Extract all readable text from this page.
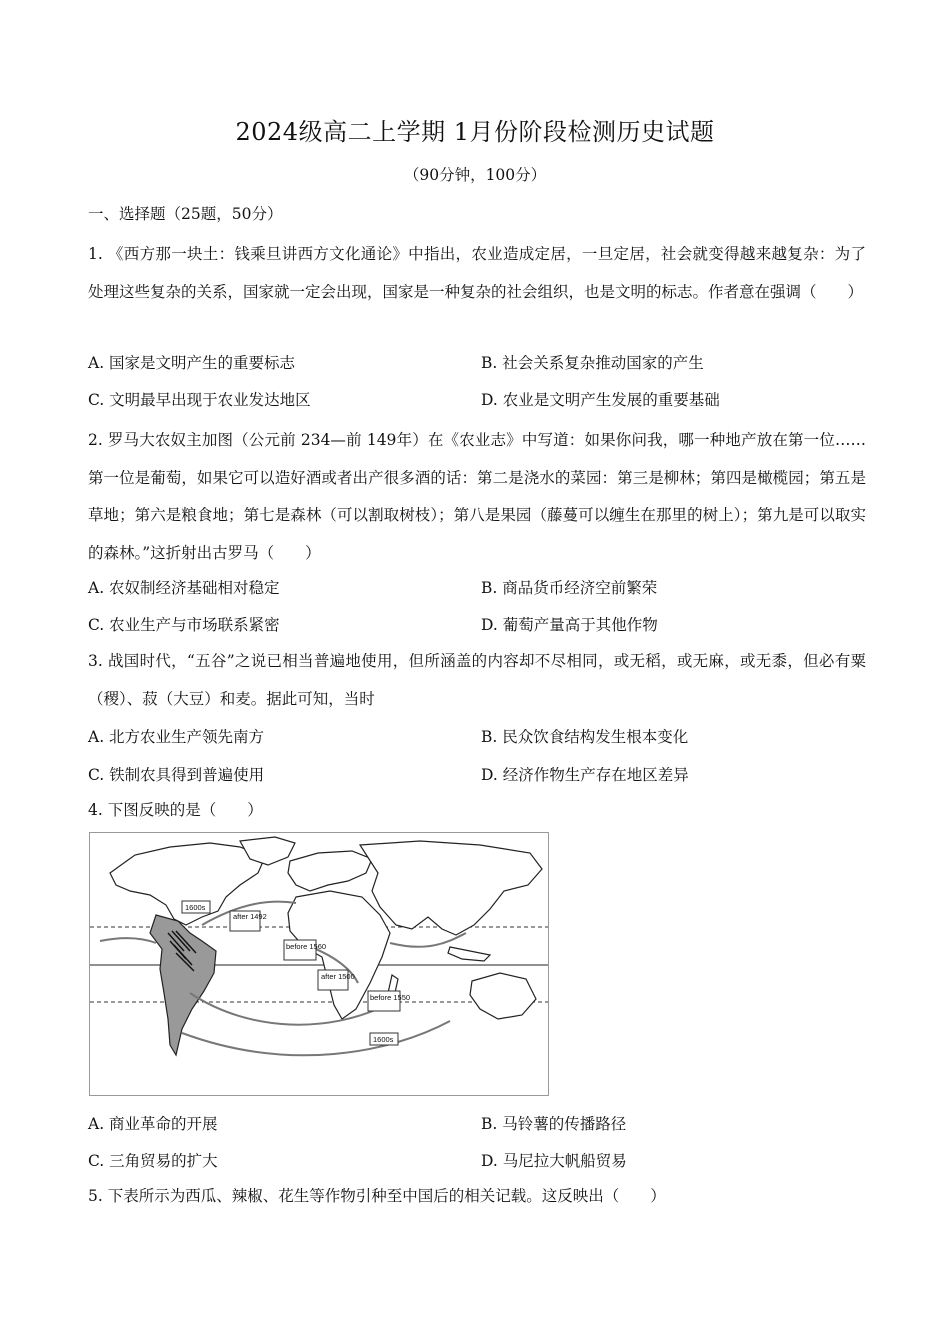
2024级高二上学期 1月份阶段检测历史试题
（90分钟，100分）
一、选择题（25题，50分）
1. 《西方那一块土：钱乘旦讲西方文化通论》中指出，农业造成定居，一旦定居，社会就变得越来越复杂：为了处理这些复杂的关系，国家就一定会出现，国家是一种复杂的社会组织，也是文明的标志。作者意在强调（　　）
A. 国家是文明产生的重要标志	B. 社会关系复杂推动国家的产生
C. 文明最早出现于农业发达地区	D. 农业是文明产生发展的重要基础
2. 罗马大农奴主加图（公元前 234—前 149年）在《农业志》中写道：如果你问我，哪一种地产放在第一位……第一位是葡萄，如果它可以造好酒或者出产很多酒的话：第二是浇水的菜园：第三是柳林；第四是橄榄园；第五是草地；第六是粮食地；第七是森林（可以割取树枝）；第八是果园（藤蔓可以缠生在那里的树上）；第九是可以取实的森林。”这折射出古罗马（　　）
A. 农奴制经济基础相对稳定	B. 商品货币经济空前繁荣
C. 农业生产与市场联系紧密	D. 葡萄产量高于其他作物
3. 战国时代，“五谷”之说已相当普遍地使用，但所涵盖的内容却不尽相同，或无稻，或无麻，或无黍，但必有粟（稷）、菽（大豆）和麦。据此可知，当时
A. 北方农业生产领先南方	B. 民众饮食结构发生根本变化
C. 铁制农具得到普遍使用	D. 经济作物生产存在地区差异
4. 下图反映的是（　　）
1600s
after 1492
before 1560
after 1500
before 1550
1600s
A. 商业革命的开展	B. 马铃薯的传播路径
C. 三角贸易的扩大	D. 马尼拉大帆船贸易
5. 下表所示为西瓜、辣椒、花生等作物引种至中国后的相关记载。这反映出（　　）
